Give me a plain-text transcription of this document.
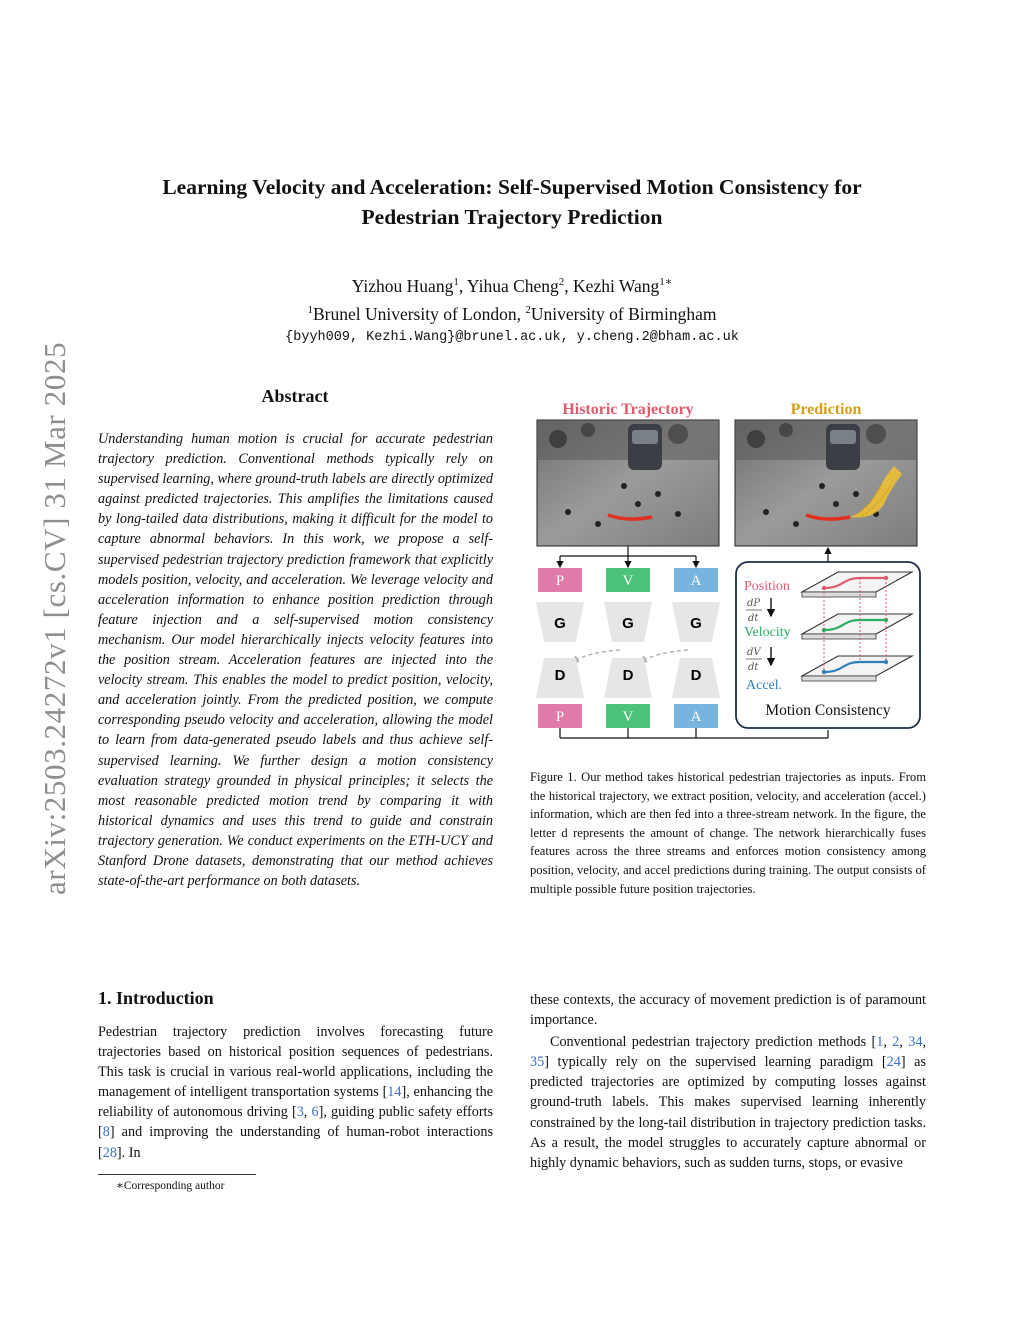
arXiv:2503.24272v1 [cs.CV] 31 Mar 2025
Learning Velocity and Acceleration: Self-Supervised Motion Consistency for
Pedestrian Trajectory Prediction
Yizhou Huang$^1$, Yihua Cheng$^2$, Kezhi Wang$^{1∗}$
$^1$Brunel University of London, $^2$University of Birmingham
{byyh009, Kezhi.Wang}@brunel.ac.uk, y.cheng.2@bham.ac.uk
Abstract
Understanding human motion is crucial for accurate pedestrian trajectory prediction. Conventional methods typically rely on supervised learning, where ground-truth labels are directly optimized against predicted trajectories. This amplifies the limitations caused by long-tailed data distributions, making it difficult for the model to capture abnormal behaviors. In this work, we propose a self-supervised pedestrian trajectory prediction framework that explicitly models position, velocity, and acceleration. We leverage velocity and acceleration information to enhance position prediction through feature injection and a self-supervised motion consistency mechanism. Our model hierarchically injects velocity features into the position stream. Acceleration features are injected into the velocity stream. This enables the model to predict position, velocity, and acceleration jointly. From the predicted position, we compute corresponding pseudo velocity and acceleration, allowing the model to learn from data-generated pseudo labels and thus achieve self-supervised learning. We further design a motion consistency evaluation strategy grounded in physical principles; it selects the most reasonable predicted motion trend by comparing it with historical dynamics and uses this trend to guide and constrain trajectory generation. We conduct experiments on the ETH-UCY and Stanford Drone datasets, demonstrating that our method achieves state-of-the-art performance on both datasets.
Historic Trajectory	Prediction
P	V	A
G	G	G
D	D	D
P	V	A
Position
dP
dt
Velocity
dV
dt
Accel.
Motion Consistency
Figure 1. Our method takes historical pedestrian trajectories as inputs. From the historical trajectory, we extract position, velocity, and acceleration (accel.) information, which are then fed into a three-stream network. In the figure, the letter d represents the amount of change. The network hierarchically fuses features across the three streams and enforces motion consistency among position, velocity, and accel predictions during training. The output consists of multiple possible future position trajectories.
1. Introduction

Pedestrian trajectory prediction involves forecasting future trajectories based on historical position sequences of pedestrians. This task is crucial in various real-world applications, including the management of intelligent transportation systems [14], enhancing the reliability of autonomous driving [3, 6], guiding public safety efforts [8] and improving the understanding of human-robot interactions [28]. In

these contexts, the accuracy of movement prediction is of paramount importance.

Conventional pedestrian trajectory prediction methods [1, 2, 34, 35] typically rely on the supervised learning paradigm [24] as predicted trajectories are optimized by computing losses against ground-truth labels. This makes supervised learning inherently constrained by the long-tail distribution in trajectory prediction tasks. As a result, the model struggles to accurately capture abnormal or highly dynamic behaviors, such as sudden turns, stops, or evasive

∗Corresponding author
